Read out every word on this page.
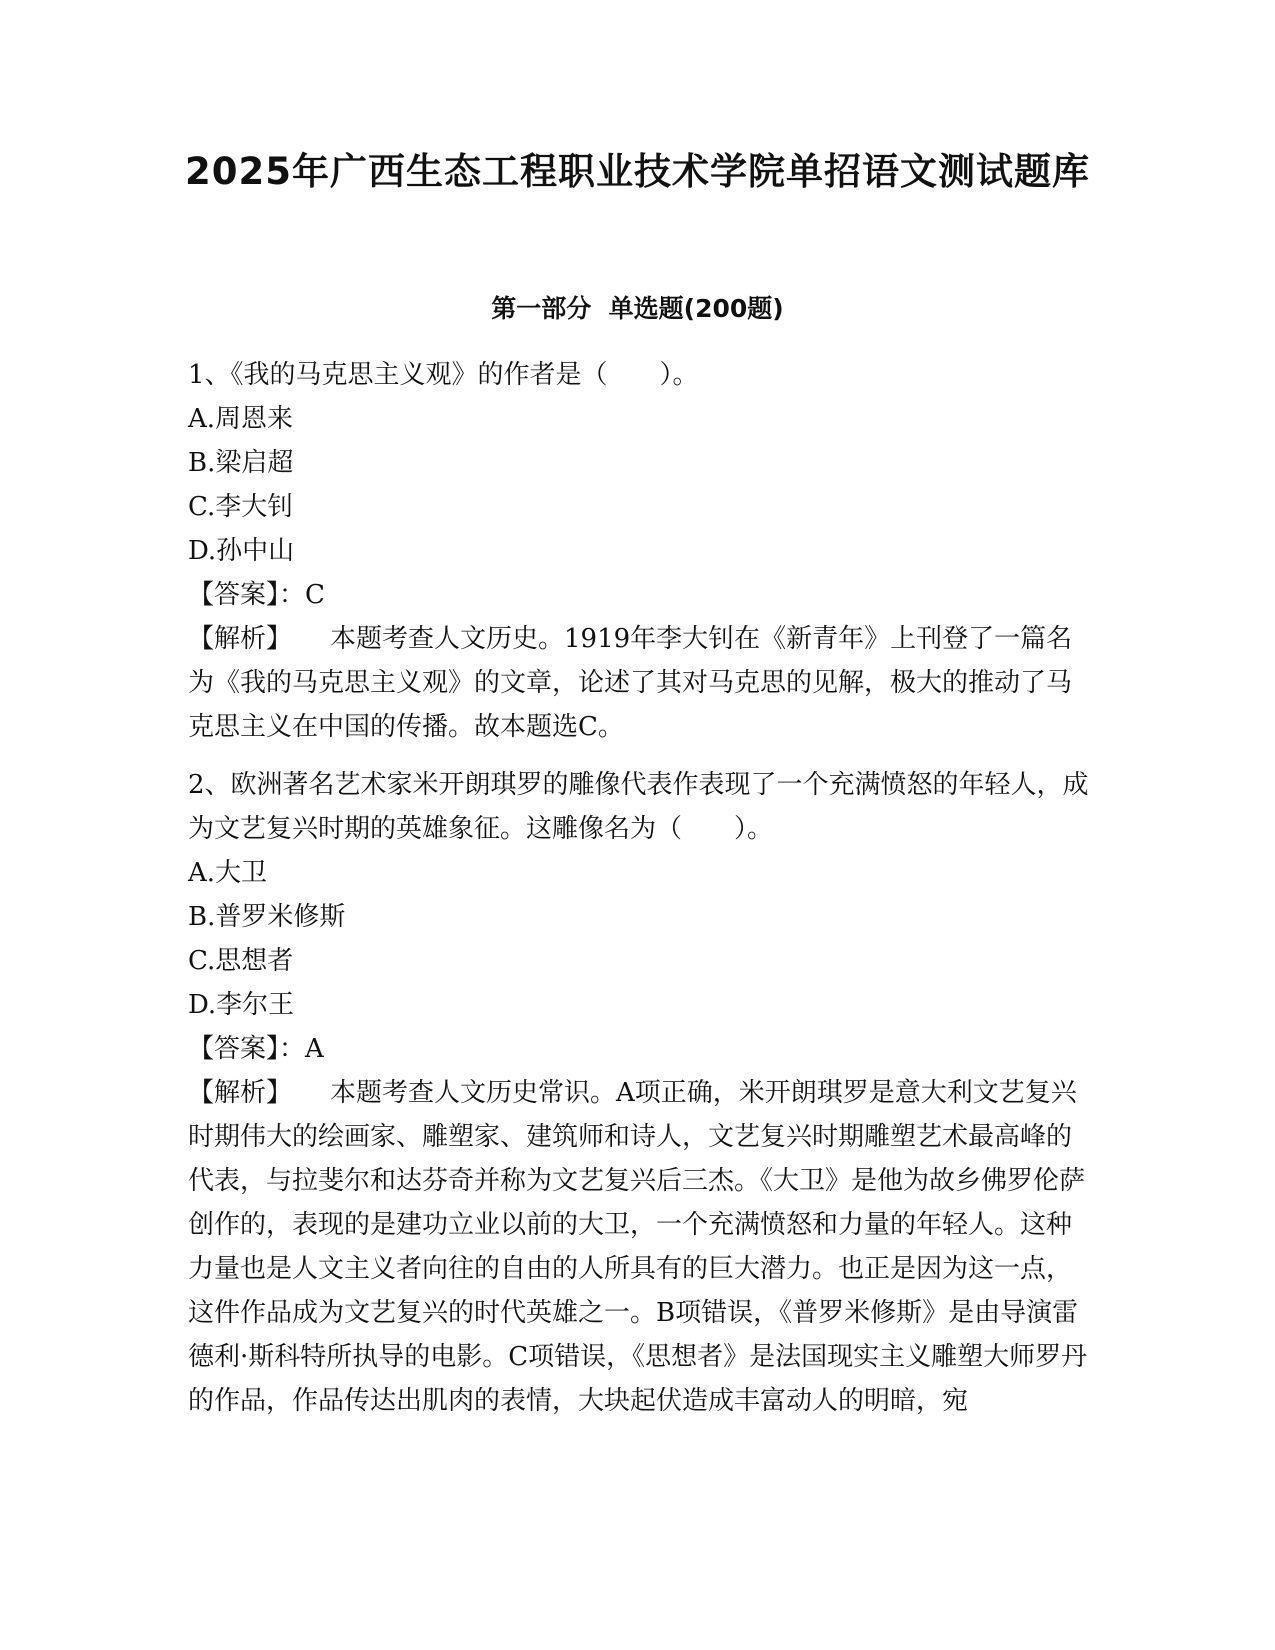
2025年广西生态工程职业技术学院单招语文测试题库
第一部分  单选题(200题)

1、《我的马克思主义观》的作者是（　　）。

A.周恩来

B.梁启超

C.李大钊

D.孙中山

【答案】：C

【解析】 本题考查人文历史。1919年李大钊在《新青年》上刊登了一篇名为《我的马克思主义观》的文章，论述了其对马克思的见解，极大的推动了马克思主义在中国的传播。故本题选C。

2、欧洲著名艺术家米开朗琪罗的雕像代表作表现了一个充满愤怒的年轻人，成为文艺复兴时期的英雄象征。这雕像名为（　　）。

A.大卫

B.普罗米修斯

C.思想者

D.李尔王

【答案】：A

【解析】 本题考查人文历史常识。A项正确，米开朗琪罗是意大利文艺复兴时期伟大的绘画家、雕塑家、建筑师和诗人，文艺复兴时期雕塑艺术最高峰的代表，与拉斐尔和达芬奇并称为文艺复兴后三杰。《大卫》是他为故乡佛罗伦萨创作的，表现的是建功立业以前的大卫，一个充满愤怒和力量的年轻人。这种力量也是人文主义者向往的自由的人所具有的巨大潜力。也正是因为这一点，这件作品成为文艺复兴的时代英雄之一。B项错误，《普罗米修斯》是由导演雷德利·斯科特所执导的电影。C项错误，《思想者》是法国现实主义雕塑大师罗丹的作品，作品传达出肌肉的表情，大块起伏造成丰富动人的明暗，宛
